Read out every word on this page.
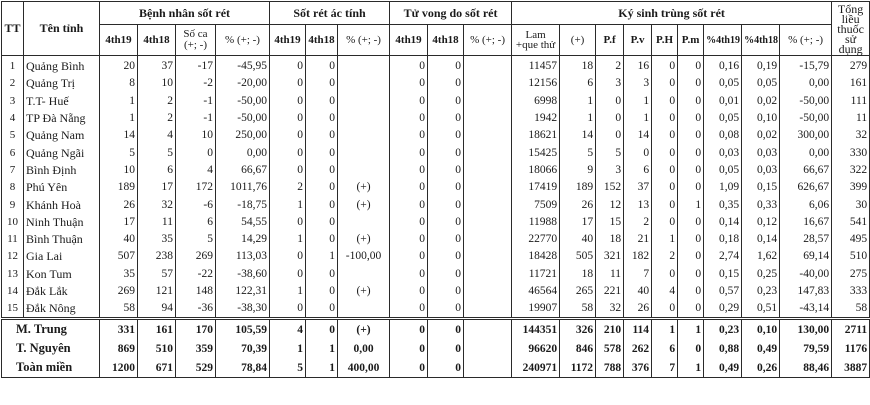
TT	Tên tỉnh	Bệnh nhân sốt rét				Sốt rét ác tính			Tử vong do sốt rét			Ký sinh trùng sốt rét									Tổng liều thuốc sử dụng
		4th19	4th18	Số ca (+; -)	% (+; -)	4th19	4th18	% (+; -)	4th19	4th18	% (+; -)	Lam +que thử	(+)	P.f	P.v	P.H	P.m	%4th19	%4th18	% (+; -)	
1	Quảng Bình	20	37	-17	-45,95	0	0		0	0		11457	18	2	16	0	0	0,16	0,19	-15,79	279
2	Quảng Trị	8	10	-2	-20,00	0	0		0	0		12156	6	3	3	0	0	0,05	0,05	0,00	161
3	T.T- Huế	1	2	-1	-50,00	0	0		0	0		6998	1	0	1	0	0	0,01	0,02	-50,00	111
4	TP Đà Nẵng	1	2	-1	-50,00	0	0		0	0		1942	1	0	1	0	0	0,05	0,10	-50,00	11
5	Quảng Nam	14	4	10	250,00	0	0		0	0		18621	14	0	14	0	0	0,08	0,02	300,00	32
6	Quảng Ngãi	5	5	0	0,00	0	0		0	0		15425	5	5	0	0	0	0,03	0,03	0,00	330
7	Bình Định	10	6	4	66,67	0	0		0	0		18066	9	3	6	0	0	0,05	0,03	66,67	322
8	Phú Yên	189	17	172	1011,76	2	0	(+)	0	0		17419	189	152	37	0	0	1,09	0,15	626,67	399
9	Khánh Hoà	26	32	-6	-18,75	1	0	(+)	0	0		7509	26	12	13	0	1	0,35	0,33	6,06	30
10	Ninh Thuận	17	11	6	54,55	0	0		0	0		11988	17	15	2	0	0	0,14	0,12	16,67	541
11	Bình Thuận	40	35	5	14,29	1	0	(+)	0	0		22770	40	18	21	1	0	0,18	0,14	28,57	495
12	Gia Lai	507	238	269	113,03	0	1	-100,00	0	0		18428	505	321	182	2	0	2,74	1,62	69,14	510
13	Kon Tum	35	57	-22	-38,60	0	0		0	0		11721	18	11	7	0	0	0,15	0,25	-40,00	275
14	Đắk Lắk	269	121	148	122,31	1	0	(+)	0	0		46564	265	221	40	4	0	0,57	0,23	147,83	333
15	Đắk Nông	58	94	-36	-38,30	0	0		0	0		19907	58	32	26	0	0	0,29	0,51	-43,14	58
M. Trung		331	161	170	105,59	4	0	(+)	0	0		144351	326	210	114	1	1	0,23	0,10	130,00	2711
T. Nguyên		869	510	359	70,39	1	1	0,00	0	0		96620	846	578	262	6	0	0,88	0,49	79,59	1176
Toàn miền		1200	671	529	78,84	5	1	400,00	0	0		240971	1172	788	376	7	1	0,49	0,26	88,46	3887
